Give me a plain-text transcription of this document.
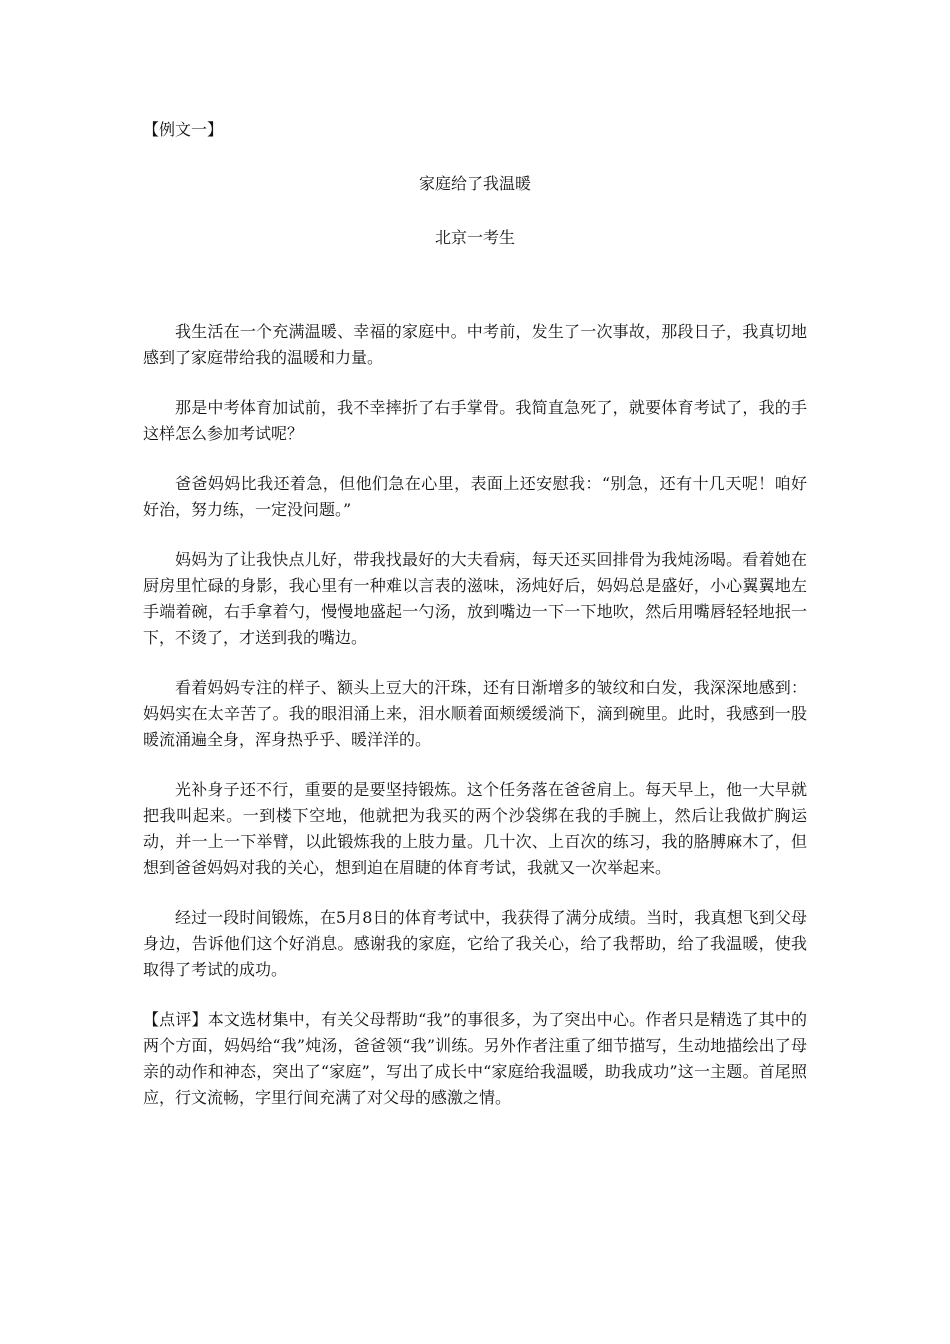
【例文一】
家庭给了我温暖
北京一考生

我生活在一个充满温暖、幸福的家庭中。中考前，发生了一次事故，那段日子，我真切地感到了家庭带给我的温暖和力量。

那是中考体育加试前，我不幸摔折了右手掌骨。我简直急死了，就要体育考试了，我的手这样怎么参加考试呢？

爸爸妈妈比我还着急，但他们急在心里，表面上还安慰我：“别急，还有十几天呢！咱好好治，努力练，一定没问题。”

妈妈为了让我快点儿好，带我找最好的大夫看病，每天还买回排骨为我炖汤喝。看着她在厨房里忙碌的身影，我心里有一种难以言表的滋味，汤炖好后，妈妈总是盛好，小心翼翼地左手端着碗，右手拿着勺，慢慢地盛起一勺汤，放到嘴边一下一下地吹，然后用嘴唇轻轻地抿一下，不烫了，才送到我的嘴边。

看着妈妈专注的样子、额头上豆大的汗珠，还有日渐增多的皱纹和白发，我深深地感到：妈妈实在太辛苦了。我的眼泪涌上来，泪水顺着面颊缓缓淌下，滴到碗里。此时，我感到一股暖流涌遍全身，浑身热乎乎、暖洋洋的。

光补身子还不行，重要的是要坚持锻炼。这个任务落在爸爸肩上。每天早上，他一大早就把我叫起来。一到楼下空地，他就把为我买的两个沙袋绑在我的手腕上，然后让我做扩胸运动，并一上一下举臂，以此锻炼我的上肢力量。几十次、上百次的练习，我的胳膊麻木了，但想到爸爸妈妈对我的关心，想到迫在眉睫的体育考试，我就又一次举起来。

经过一段时间锻炼，在5月8日的体育考试中，我获得了满分成绩。当时，我真想飞到父母身边，告诉他们这个好消息。感谢我的家庭，它给了我关心，给了我帮助，给了我温暖，使我取得了考试的成功。

【点评】本文选材集中，有关父母帮助“我”的事很多，为了突出中心。作者只是精选了其中的两个方面，妈妈给“我”炖汤，爸爸领“我”训练。另外作者注重了细节描写，生动地描绘出了母亲的动作和神态，突出了“家庭”，写出了成长中“家庭给我温暖，助我成功”这一主题。首尾照应，行文流畅，字里行间充满了对父母的感激之情。
